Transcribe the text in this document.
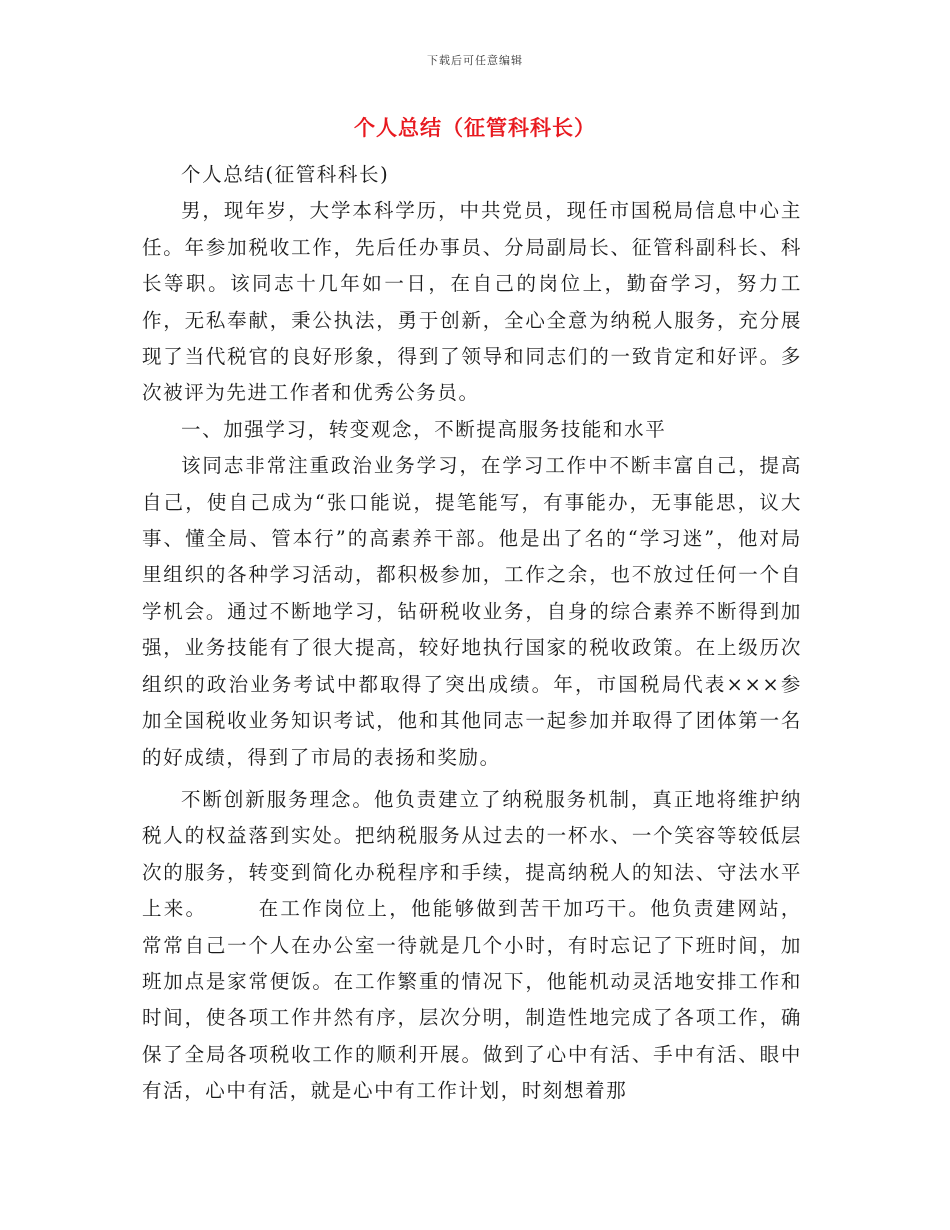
下载后可任意编辑
个人总结（征管科科长）

个人总结(征管科科长)

男，现年岁，大学本科学历，中共党员，现任市国税局信息中心主任。年参加税收工作，先后任办事员、分局副局长、征管科副科长、科长等职。该同志十几年如一日，在自己的岗位上，勤奋学习，努力工作，无私奉献，秉公执法，勇于创新，全心全意为纳税人服务，充分展现了当代税官的良好形象，得到了领导和同志们的一致肯定和好评。多次被评为先进工作者和优秀公务员。

一、加强学习，转变观念，不断提高服务技能和水平

该同志非常注重政治业务学习，在学习工作中不断丰富自己，提高自己，使自己成为“张口能说，提笔能写，有事能办，无事能思，议大事、懂全局、管本行”的高素养干部。他是出了名的“学习迷”，他对局里组织的各种学习活动，都积极参加，工作之余，也不放过任何一个自学机会。通过不断地学习，钻研税收业务，自身的综合素养不断得到加强，业务技能有了很大提高，较好地执行国家的税收政策。在上级历次组织的政治业务考试中都取得了突出成绩。年，市国税局代表×××参加全国税收业务知识考试，他和其他同志一起参加并取得了团体第一名的好成绩，得到了市局的表扬和奖励。

不断创新服务理念。他负责建立了纳税服务机制，真正地将维护纳税人的权益落到实处。把纳税服务从过去的一杯水、一个笑容等较低层次的服务，转变到简化办税程序和手续，提高纳税人的知法、守法水平上来。	在工作岗位上，他能够做到苦干加巧干。他负责建网站，常常自己一个人在办公室一待就是几个小时，有时忘记了下班时间，加班加点是家常便饭。在工作繁重的情况下，他能机动灵活地安排工作和时间，使各项工作井然有序，层次分明，制造性地完成了各项工作，确保了全局各项税收工作的顺利开展。做到了心中有活、手中有活、眼中有活，心中有活，就是心中有工作计划，时刻想着那
